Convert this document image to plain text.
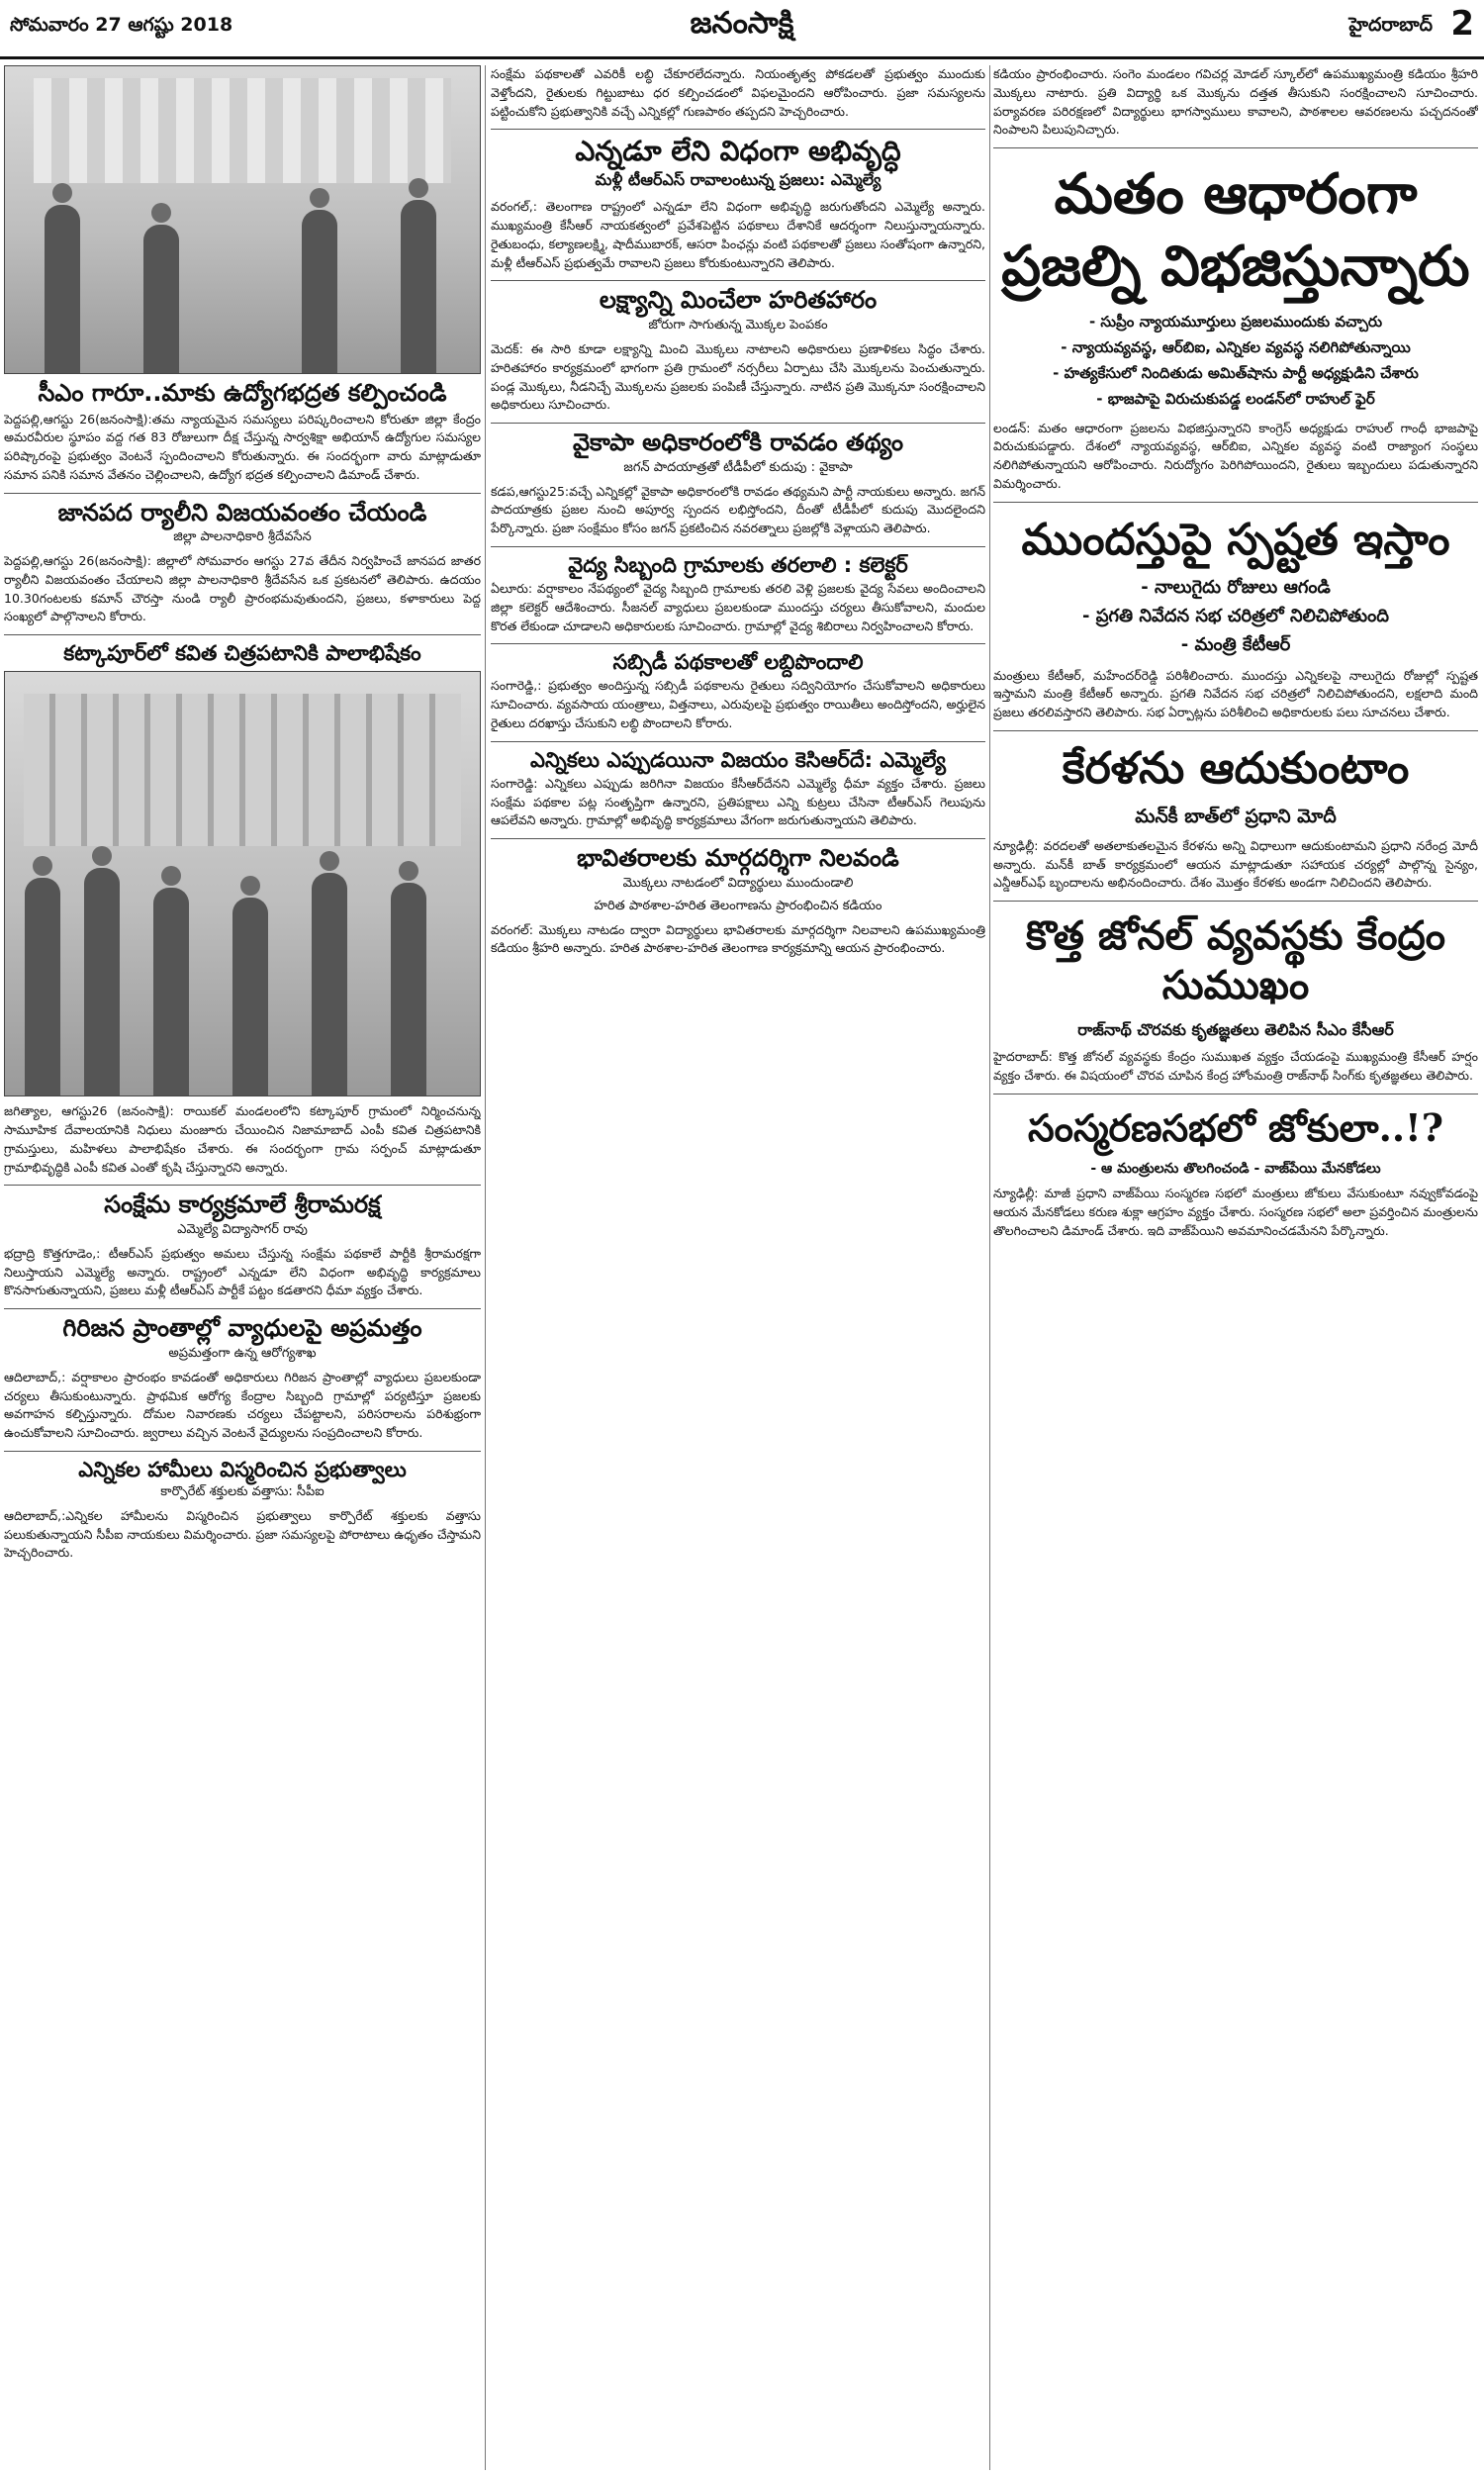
సోమవారం 27 ఆగష్టు 2018	జనంసాక్షి	హైదరాబాద్ 2
సీఎం గారూ..మాకు ఉద్యోగభద్రత కల్పించండి

పెద్దపల్లి,ఆగస్టు 26(జనంసాక్షి):తమ న్యాయమైన సమస్యలు పరిష్కరించాలని కోరుతూ జిల్లా కేంద్రం అమరవీరుల స్థూపం వద్ద గత 83 రోజులుగా దీక్ష చేస్తున్న సార్వశిక్షా అభియాన్ ఉద్యోగుల సమస్యల పరిష్కారంపై ప్రభుత్వం వెంటనే స్పందించాలని కోరుతున్నారు. ఈ సందర్భంగా వారు మాట్లాడుతూ సమాన పనికి సమాన వేతనం చెల్లించాలని, ఉద్యోగ భద్రత కల్పించాలని డిమాండ్ చేశారు.

జానపద ర్యాలీని విజయవంతం చేయండి
జిల్లా పాలనాధికారి శ్రీదేవసేన

పెద్దపల్లి,ఆగస్టు 26(జనంసాక్షి): జిల్లాలో సోమవారం ఆగస్టు 27వ తేదీన నిర్వహించే జానపద జాతర ర్యాలీని విజయవంతం చేయాలని జిల్లా పాలనాధికారి శ్రీదేవసేన ఒక ప్రకటనలో తెలిపారు. ఉదయం 10.30గంటలకు కమాన్ చౌరస్తా నుండి ర్యాలీ ప్రారంభమవుతుందని, ప్రజలు, కళాకారులు పెద్ద సంఖ్యలో పాల్గొనాలని కోరారు.

కట్కాపూర్‌లో కవిత చిత్రపటానికి పాలాభిషేకం

జగిత్యాల, ఆగస్టు26 (జనంసాక్షి): రాయికల్ మండలంలోని కట్కాపూర్ గ్రామంలో నిర్మించనున్న సామూహిక దేవాలయానికి నిధులు మంజూరు చేయించిన నిజామాబాద్ ఎంపీ కవిత చిత్రపటానికి గ్రామస్తులు, మహిళలు పాలాభిషేకం చేశారు. ఈ సందర్భంగా గ్రామ సర్పంచ్ మాట్లాడుతూ గ్రామాభివృద్ధికి ఎంపీ కవిత ఎంతో కృషి చేస్తున్నారని అన్నారు.

సంక్షేమ కార్యక్రమాలే శ్రీరామరక్ష
ఎమ్మెల్యే విద్యాసాగర్ రావు

భద్రాద్రి కొత్తగూడెం,: టీఆర్‌ఎస్ ప్రభుత్వం అమలు చేస్తున్న సంక్షేమ పథకాలే పార్టీకి శ్రీరామరక్షగా నిలుస్తాయని ఎమ్మెల్యే అన్నారు. రాష్ట్రంలో ఎన్నడూ లేని విధంగా అభివృద్ధి కార్యక్రమాలు కొనసాగుతున్నాయని, ప్రజలు మళ్లీ టీఆర్‌ఎస్ పార్టీకే పట్టం కడతారని ధీమా వ్యక్తం చేశారు.

గిరిజన ప్రాంతాల్లో వ్యాధులపై అప్రమత్తం
అప్రమత్తంగా ఉన్న ఆరోగ్యశాఖ

ఆదిలాబాద్,: వర్షాకాలం ప్రారంభం కావడంతో అధికారులు గిరిజన ప్రాంతాల్లో వ్యాధులు ప్రబలకుండా చర్యలు తీసుకుంటున్నారు. ప్రాథమిక ఆరోగ్య కేంద్రాల సిబ్బంది గ్రామాల్లో పర్యటిస్తూ ప్రజలకు అవగాహన కల్పిస్తున్నారు. దోమల నివారణకు చర్యలు చేపట్టాలని, పరిసరాలను పరిశుభ్రంగా ఉంచుకోవాలని సూచించారు. జ్వరాలు వచ్చిన వెంటనే వైద్యులను సంప్రదించాలని కోరారు.

ఎన్నికల హామీలు విస్మరించిన ప్రభుత్వాలు
కార్పొరేట్ శక్తులకు వత్తాసు: సీపీఐ

ఆదిలాబాద్,:ఎన్నికల హామీలను విస్మరించిన ప్రభుత్వాలు కార్పొరేట్ శక్తులకు వత్తాసు పలుకుతున్నాయని సీపీఐ నాయకులు విమర్శించారు. ప్రజా సమస్యలపై పోరాటాలు ఉధృతం చేస్తామని హెచ్చరించారు.

సంక్షేమ పథకాలతో ఎవరికీ లబ్ధి చేకూరలేదన్నారు. నియంతృత్వ పోకడలతో ప్రభుత్వం ముందుకు వెళ్తోందని, రైతులకు గిట్టుబాటు ధర కల్పించడంలో విఫలమైందని ఆరోపించారు. ప్రజా సమస్యలను పట్టించుకోని ప్రభుత్వానికి వచ్చే ఎన్నికల్లో గుణపాఠం తప్పదని హెచ్చరించారు.

ఎన్నడూ లేని విధంగా అభివృద్ధి
మళ్లీ టీఆర్ఎస్ రావాలంటున్న ప్రజలు: ఎమ్మెల్యే

వరంగల్,: తెలంగాణ రాష్ట్రంలో ఎన్నడూ లేని విధంగా అభివృద్ధి జరుగుతోందని ఎమ్మెల్యే అన్నారు. ముఖ్యమంత్రి కేసీఆర్ నాయకత్వంలో ప్రవేశపెట్టిన పథకాలు దేశానికే ఆదర్శంగా నిలుస్తున్నాయన్నారు. రైతుబంధు, కల్యాణలక్ష్మి, షాదీముబారక్, ఆసరా పింఛన్లు వంటి పథకాలతో ప్రజలు సంతోషంగా ఉన్నారని, మళ్లీ టీఆర్ఎస్ ప్రభుత్వమే రావాలని ప్రజలు కోరుకుంటున్నారని తెలిపారు.

లక్ష్యాన్ని మించేలా హరితహారం
జోరుగా సాగుతున్న మొక్కల పెంపకం

మెదక్: ఈ సారి కూడా లక్ష్యాన్ని మించి మొక్కలు నాటాలని అధికారులు ప్రణాళికలు సిద్ధం చేశారు. హరితహారం కార్యక్రమంలో భాగంగా ప్రతి గ్రామంలో నర్సరీలు ఏర్పాటు చేసి మొక్కలను పెంచుతున్నారు. పండ్ల మొక్కలు, నీడనిచ్చే మొక్కలను ప్రజలకు పంపిణీ చేస్తున్నారు. నాటిన ప్రతి మొక్కనూ సంరక్షించాలని అధికారులు సూచించారు.

వైకాపా అధికారంలోకి రావడం తథ్యం
జగన్ పాదయాత్రతో టీడీపీలో కుదుపు : వైకాపా

కడప,ఆగస్టు25:వచ్చే ఎన్నికల్లో వైకాపా అధికారంలోకి రావడం తథ్యమని పార్టీ నాయకులు అన్నారు. జగన్ పాదయాత్రకు ప్రజల నుంచి అపూర్వ స్పందన లభిస్తోందని, దీంతో టీడీపీలో కుదుపు మొదలైందని పేర్కొన్నారు. ప్రజా సంక్షేమం కోసం జగన్ ప్రకటించిన నవరత్నాలు ప్రజల్లోకి వెళ్లాయని తెలిపారు.

వైద్య సిబ్బంది గ్రామాలకు తరలాలి : కలెక్టర్

ఏలూరు: వర్షాకాలం నేపథ్యంలో వైద్య సిబ్బంది గ్రామాలకు తరలి వెళ్లి ప్రజలకు వైద్య సేవలు అందించాలని జిల్లా కలెక్టర్ ఆదేశించారు. సీజనల్ వ్యాధులు ప్రబలకుండా ముందస్తు చర్యలు తీసుకోవాలని, మందుల కొరత లేకుండా చూడాలని అధికారులకు సూచించారు. గ్రామాల్లో వైద్య శిబిరాలు నిర్వహించాలని కోరారు.

సబ్సిడీ పథకాలతో లబ్దిపొందాలి

సంగారెడ్డి,: ప్రభుత్వం అందిస్తున్న సబ్సిడీ పథకాలను రైతులు సద్వినియోగం చేసుకోవాలని అధికారులు సూచించారు. వ్యవసాయ యంత్రాలు, విత్తనాలు, ఎరువులపై ప్రభుత్వం రాయితీలు అందిస్తోందని, అర్హులైన రైతులు దరఖాస్తు చేసుకుని లబ్ధి పొందాలని కోరారు.

ఎన్నికలు ఎప్పుడయినా విజయం కెసిఆర్‌దే: ఎమ్మెల్యే

సంగారెడ్డి: ఎన్నికలు ఎప్పుడు జరిగినా విజయం కేసీఆర్‌దేనని ఎమ్మెల్యే ధీమా వ్యక్తం చేశారు. ప్రజలు సంక్షేమ పథకాల పట్ల సంతృప్తిగా ఉన్నారని, ప్రతిపక్షాలు ఎన్ని కుట్రలు చేసినా టీఆర్‌ఎస్ గెలుపును ఆపలేవని అన్నారు. గ్రామాల్లో అభివృద్ధి కార్యక్రమాలు వేగంగా జరుగుతున్నాయని తెలిపారు.

భావితరాలకు మార్గదర్శిగా నిలవండి
మొక్కలు నాటడంలో విద్యార్థులు ముందుండాలి
హరిత పాఠశాల-హరిత తెలంగాణను ప్రారంభించిన కడియం

వరంగల్: మొక్కలు నాటడం ద్వారా విద్యార్థులు భావితరాలకు మార్గదర్శిగా నిలవాలని ఉపముఖ్యమంత్రి కడియం శ్రీహరి అన్నారు. హరిత పాఠశాల-హరిత తెలంగాణ కార్యక్రమాన్ని ఆయన ప్రారంభించారు.

కడియం ప్రారంభించారు. సంగెం మండలం గవిచర్ల మోడల్ స్కూల్‌లో ఉపముఖ్యమంత్రి కడియం శ్రీహరి మొక్కలు నాటారు. ప్రతి విద్యార్థి ఒక మొక్కను దత్తత తీసుకుని సంరక్షించాలని సూచించారు. పర్యావరణ పరిరక్షణలో విద్యార్థులు భాగస్వాములు కావాలని, పాఠశాలల ఆవరణలను పచ్చదనంతో నింపాలని పిలుపునిచ్చారు.

మతం ఆధారంగా ప్రజల్ని విభజిస్తున్నారు
- సుప్రీం న్యాయమూర్తులు ప్రజలముందుకు వచ్చారు
- న్యాయవ్యవస్థ, ఆర్‌బిఐ, ఎన్నికల వ్యవస్థ నలిగిపోతున్నాయి
- హత్యకేసులో నిందితుడు అమిత్‌షాను పార్టీ అధ్యక్షుడిని చేశారు
- భాజపాపై విరుచుకుపడ్డ లండన్‌లో రాహుల్ ఫైర్

లండన్: మతం ఆధారంగా ప్రజలను విభజిస్తున్నారని కాంగ్రెస్ అధ్యక్షుడు రాహుల్ గాంధీ భాజపాపై విరుచుకుపడ్డారు. దేశంలో న్యాయవ్యవస్థ, ఆర్‌బిఐ, ఎన్నికల వ్యవస్థ వంటి రాజ్యాంగ సంస్థలు నలిగిపోతున్నాయని ఆరోపించారు. నిరుద్యోగం పెరిగిపోయిందని, రైతులు ఇబ్బందులు పడుతున్నారని విమర్శించారు.

ముందస్తుపై స్పష్టత ఇస్తాం
- నాలుగైదు రోజులు ఆగండి
- ప్రగతి నివేదన సభ చరిత్రలో నిలిచిపోతుంది
- మంత్రి కేటీఆర్

మంత్రులు కేటీఆర్, మహేందర్‌రెడ్డి పరిశీలించారు. ముందస్తు ఎన్నికలపై నాలుగైదు రోజుల్లో స్పష్టత ఇస్తామని మంత్రి కేటీఆర్ అన్నారు. ప్రగతి నివేదన సభ చరిత్రలో నిలిచిపోతుందని, లక్షలాది మంది ప్రజలు తరలివస్తారని తెలిపారు. సభ ఏర్పాట్లను పరిశీలించి అధికారులకు పలు సూచనలు చేశారు.

కేరళను ఆదుకుంటాం
మన్‌కీ బాత్‌లో ప్రధాని మోదీ

న్యూఢిల్లీ: వరదలతో అతలాకుతలమైన కేరళను అన్ని విధాలుగా ఆదుకుంటామని ప్రధాని నరేంద్ర మోదీ అన్నారు. మన్‌కీ బాత్ కార్యక్రమంలో ఆయన మాట్లాడుతూ సహాయక చర్యల్లో పాల్గొన్న సైన్యం, ఎన్డీఆర్ఎఫ్ బృందాలను అభినందించారు. దేశం మొత్తం కేరళకు అండగా నిలిచిందని తెలిపారు.

కొత్త జోనల్ వ్యవస్థకు కేంద్రం సుముఖం
రాజ్‌నాథ్ చొరవకు కృతజ్ఞతలు తెలిపిన సీఎం కేసీఆర్

హైదరాబాద్: కొత్త జోనల్ వ్యవస్థకు కేంద్రం సుముఖత వ్యక్తం చేయడంపై ముఖ్యమంత్రి కేసీఆర్ హర్షం వ్యక్తం చేశారు. ఈ విషయంలో చొరవ చూపిన కేంద్ర హోంమంత్రి రాజ్‌నాథ్ సింగ్‌కు కృతజ్ఞతలు తెలిపారు.

సంస్మరణసభలో జోకులా..!?
- ఆ మంత్రులను తొలగించండి - వాజ్‌పేయి మేనకోడలు

న్యూఢిల్లీ: మాజీ ప్రధాని వాజ్‌పేయి సంస్మరణ సభలో మంత్రులు జోకులు వేసుకుంటూ నవ్వుకోవడంపై ఆయన మేనకోడలు కరుణ శుక్లా ఆగ్రహం వ్యక్తం చేశారు. సంస్మరణ సభలో అలా ప్రవర్తించిన మంత్రులను తొలగించాలని డిమాండ్ చేశారు. ఇది వాజ్‌పేయిని అవమానించడమేనని పేర్కొన్నారు.
